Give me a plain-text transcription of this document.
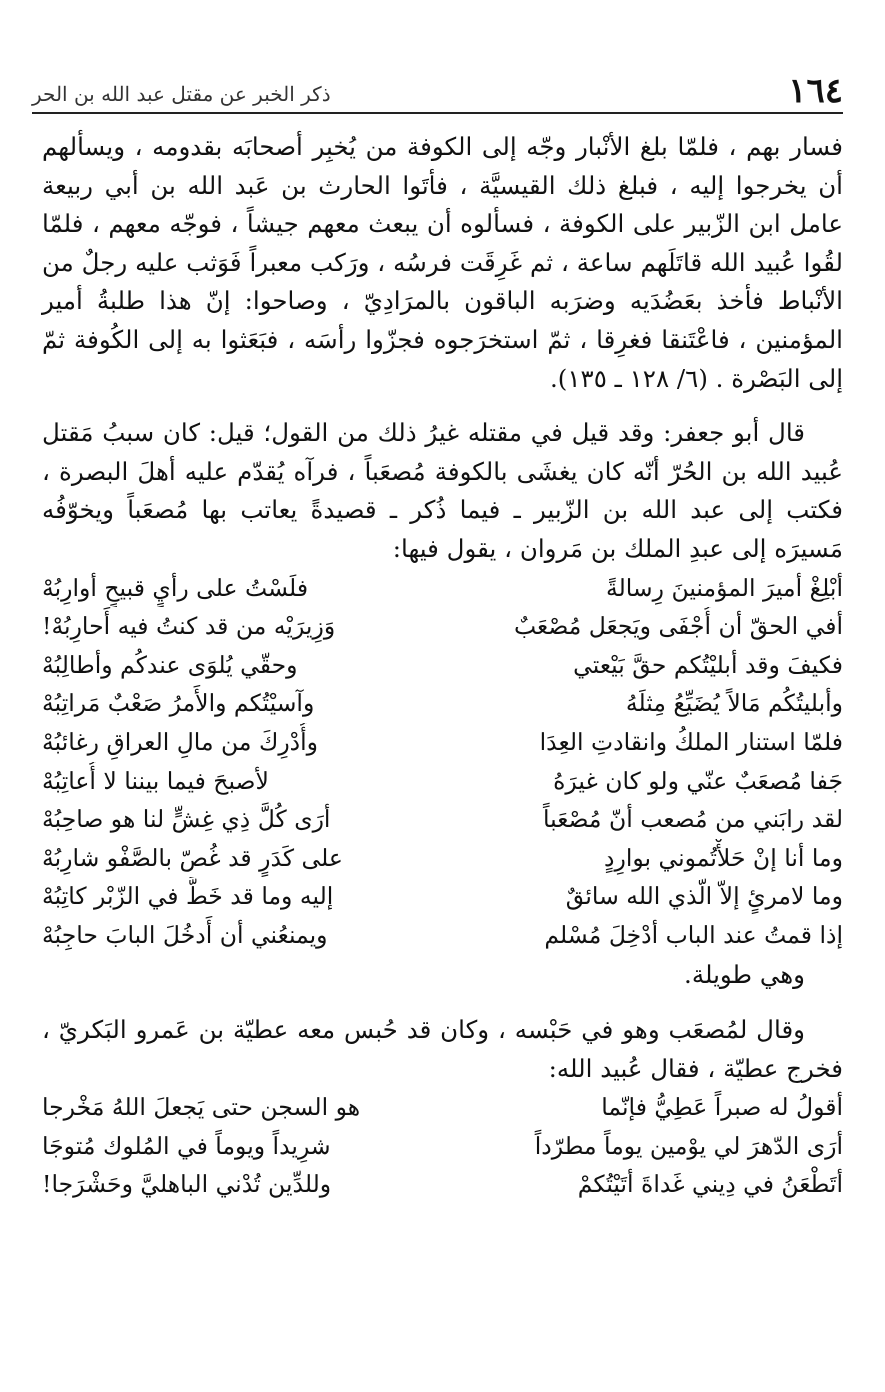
١٦٤
ذكر الخبر عن مقتل عبد الله بن الحر

فسار بهم ، فلمّا بلغ الأنْبار وجّه إلى الكوفة من يُخبِر أصحابَه بقدومه ، ويسألهم أن يخرجوا إليه ، فبلغ ذلك القيسيَّة ، فأتَوا الحارث بن عَبد الله بن أبي ربيعة عامل ابن الزّبير على الكوفة ، فسألوه أن يبعث معهم جيشاً ، فوجّه معهم ، فلمّا لقُوا عُبيد الله قاتَلَهم ساعة ، ثم غَرِقَت فرسُه ، ورَكب معبراً فَوَثب عليه رجلٌ من الأنْباط فأخذ بعَضُدَيه وضرَبه الباقون بالمرَادِيّ ، وصاحوا: إنّ هذا طلبةُ أمير المؤمنين ، فاعْتَنقا فغرِقا ، ثمّ استخرَجوه فجزّوا رأسَه ، فبَعَثوا به إلى الكُوفة ثمّ إلى البَصْرة . (٦/ ١٢٨ ـ ١٣٥).

قال أبو جعفر: وقد قيل في مقتله غيرُ ذلك من القول؛ قيل: كان سببُ مَقتل عُبيد الله بن الحُرّ أنّه كان يغشَى بالكوفة مُصعَباً ، فرآه يُقدّم عليه أهلَ البصرة ، فكتب إلى عبد الله بن الزّبير ـ فيما ذُكر ـ قصيدةً يعاتب بها مُصعَباً ويخوّفُه مَسيرَه إلى عبدِ الملك بن مَروان ، يقول فيها:

أبْلِغْ أميرَ المؤمنينَ رِسالةً
فلَسْتُ على رأيٍ قبيحٍ أوارِبُهْ
أفي الحقّ أن أُجْفَى ويَجعَل مُصْعَبٌ
وَزِيرَيْه من قد كنتُ فيه أَحارِبُهْ!
فكيفَ وقد أبليْتُكم حقَّ بَيْعتي
وحقّي يُلوَى عندكُم وأطالِبُهْ
وأبليتُكُم مَالاً يُضَيِّعُ مِثلَهُ
وآسيْتُكم والأَمرُ صَعْبٌ مَراتِبُهْ
فلمّا استنار الملكُ وانقادتِ العِدَا
وأُدْرِكَ من مالِ العراقِ رغائبُهْ
جَفا مُصعَبٌ عنّي ولو كان غيرَهُ
لأصبحَ فيما بيننا لا أُعاتِبُهْ
لقد رابَني من مُصعب أنّ مُصْعَباً
أرَى كُلَّ ذِي غِشٍّ لنا هو صاحِبُهْ
وما أنا إنْ حَلأْتُموني بوارِدٍ
على كَدَرٍ قد غُصّ بالصَّفْو شارِبُهْ
وما لامرئٍ إلاّ الّذي الله سائقٌ
إليه وما قد خَطَّ في الزّبْر كاتِبُهْ
إذا قمتُ عند الباب أدْخِلَ مُسْلم
ويمنعُني أن أَدخُلَ البابَ حاجِبُهْ

وهي طويلة.

وقال لمُصعَب وهو في حَبْسه ، وكان قد حُبس معه عطيّة بن عَمرو البَكريّ ، فخرج عطيّة ، فقال عُبيد الله:

أقولُ له صبراً عَطِيُّ فإنّما
هو السجن حتى يَجعلَ اللهُ مَخْرجا
أرَى الدّهرَ لي يوْمين يوماً مطرّداً
شرِيداً ويوماً في المُلوك مُتوجَا
أتَطْعَنُ في دِيني غَداةَ أتَيْتُكمْ
وللدِّين تُدْني الباهليَّ وحَشْرَجا!
